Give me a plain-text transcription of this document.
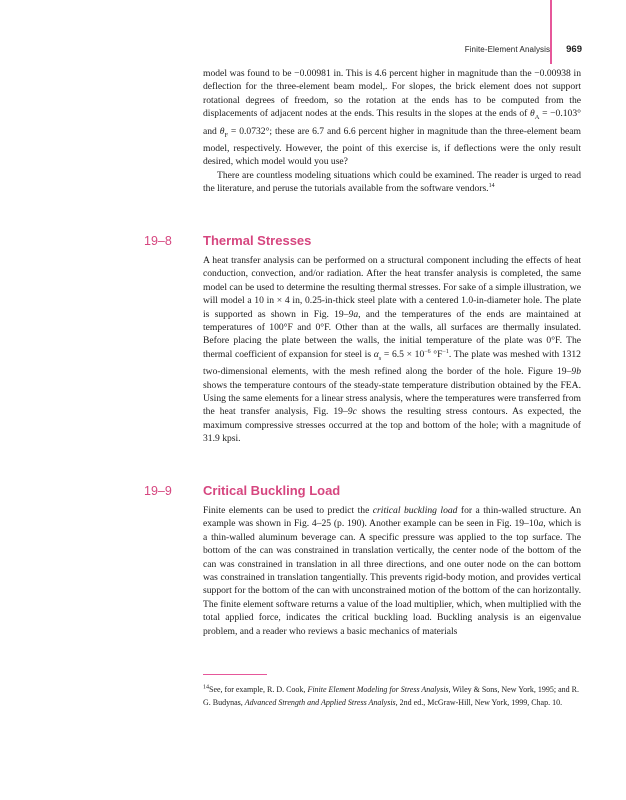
Finite-Element Analysis 969

model was found to be −0.00981 in. This is 4.6 percent higher in magnitude than the −0.00938 in deflection for the three-element beam model,. For slopes, the brick element does not support rotational degrees of freedom, so the rotation at the ends has to be computed from the displacements of adjacent nodes at the ends. This results in the slopes at the ends of $\theta_A = -0.103^\circ$ and $\theta_F = 0.0732^\circ$; these are 6.7 and 6.6 percent higher in magnitude than the three-element beam model, respectively. However, the point of this exercise is, if deflections were the only result desired, which model would you use?

There are countless modeling situations which could be examined. The reader is urged to read the literature, and peruse the tutorials available from the software vendors.$^{14}$

19–8	Thermal Stresses

A heat transfer analysis can be performed on a structural component including the effects of heat conduction, convection, and/or radiation. After the heat transfer analysis is completed, the same model can be used to determine the resulting thermal stresses. For sake of a simple illustration, we will model a 10 in × 4 in, 0.25-in-thick steel plate with a centered 1.0-in-diameter hole. The plate is supported as shown in Fig. 19–9a, and the temperatures of the ends are maintained at temperatures of 100°F and 0°F. Other than at the walls, all surfaces are thermally insulated. Before placing the plate between the walls, the initial temperature of the plate was 0°F. The thermal coefficient of expansion for steel is $\alpha_s = 6.5 \times 10^{-6}$ $^\circ F^{-1}$. The plate was meshed with 1312 two-dimensional elements, with the mesh refined along the border of the hole. Figure 19–9b shows the temperature contours of the steady-state temperature distribution obtained by the FEA. Using the same elements for a linear stress analysis, where the temperatures were transferred from the heat transfer analysis, Fig. 19–9c shows the resulting stress contours. As expected, the maximum compressive stresses occurred at the top and bottom of the hole; with a magnitude of 31.9 kpsi.

19–9	Critical Buckling Load

Finite elements can be used to predict the critical buckling load for a thin-walled structure. An example was shown in Fig. 4–25 (p. 190). Another example can be seen in Fig. 19–10a, which is a thin-walled aluminum beverage can. A specific pressure was applied to the top surface. The bottom of the can was constrained in translation vertically, the center node of the bottom of the can was constrained in translation in all three directions, and one outer node on the can bottom was constrained in translation tangentially. This prevents rigid-body motion, and provides vertical support for the bottom of the can with unconstrained motion of the bottom of the can horizontally. The finite element software returns a value of the load multiplier, which, when multiplied with the total applied force, indicates the critical buckling load. Buckling analysis is an eigenvalue problem, and a reader who reviews a basic mechanics of materials

$^{14}$See, for example, R. D. Cook, Finite Element Modeling for Stress Analysis, Wiley & Sons, New York, 1995; and R. G. Budynas, Advanced Strength and Applied Stress Analysis, 2nd ed., McGraw-Hill, New York, 1999, Chap. 10.
